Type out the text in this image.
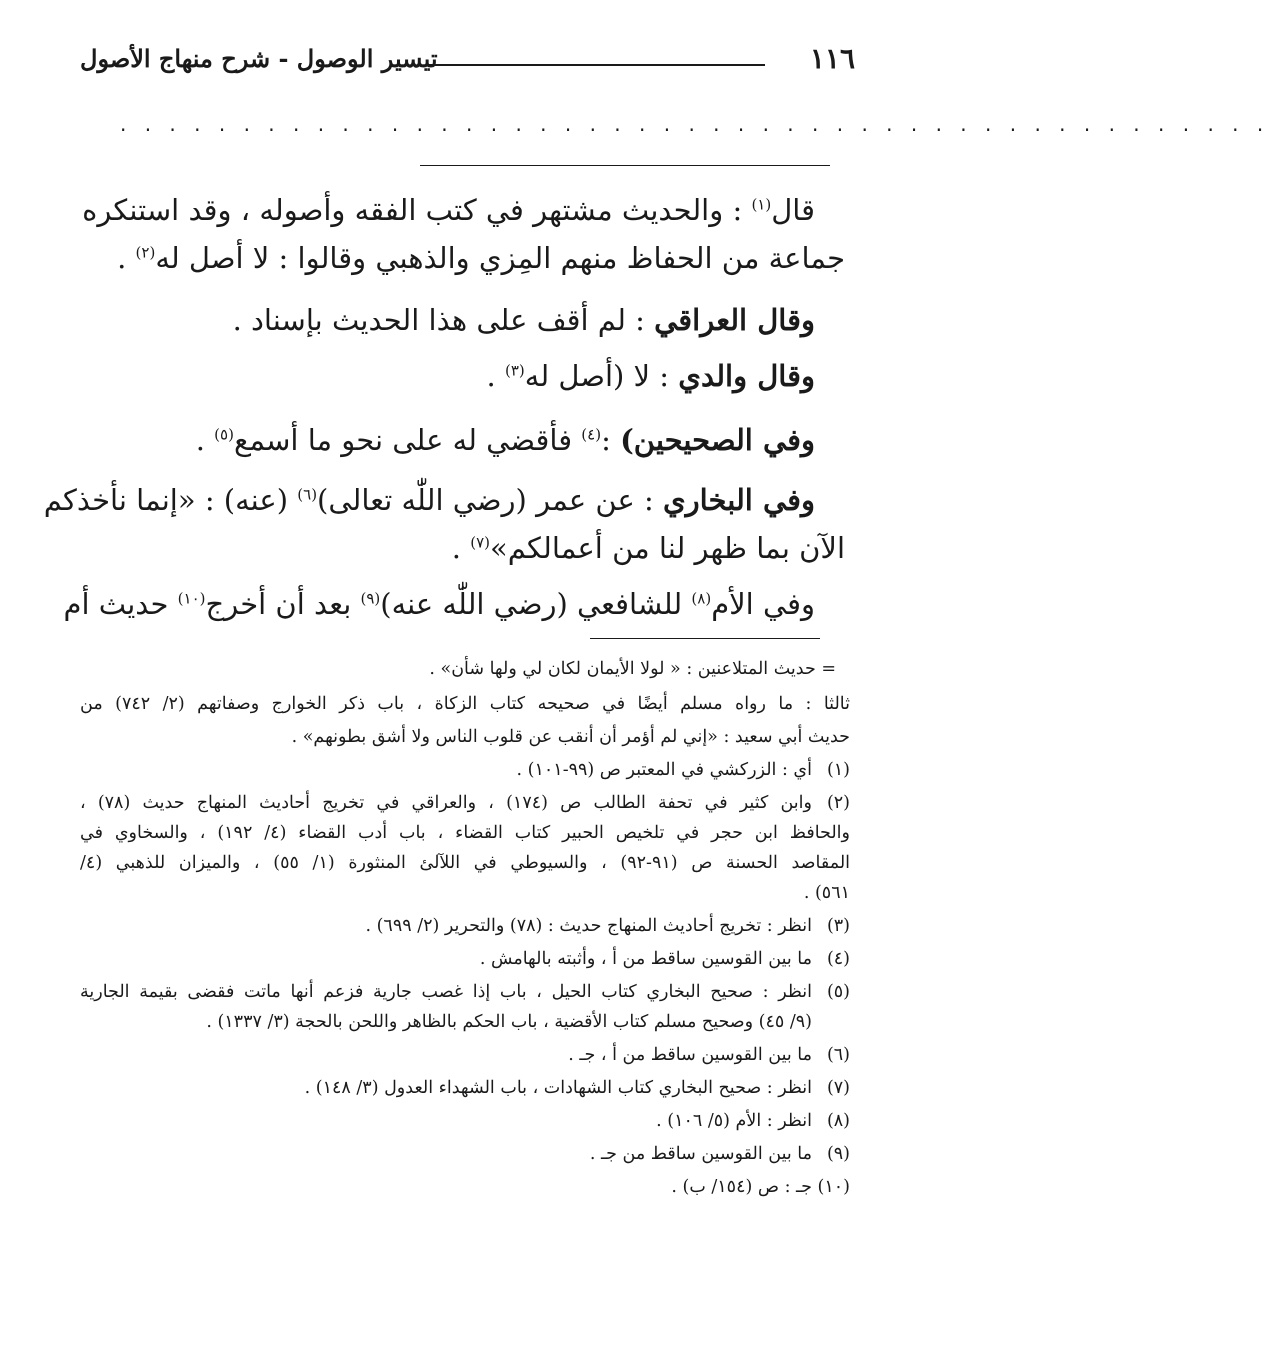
١١٦
تيسير الوصول - شرح منهاج الأصول
. . . . . . . . . . . . . . . . . . . . . . . . . . . . . . . . . . . . . . . . . . . . . . .
قال$^{(١)}$ : والحديث مشتهر في كتب الفقه وأصوله ، وقد استنكره
جماعة من الحفاظ منهم المِزي والذهبي وقالوا : لا أصل له$^{(٢)}$ .
وقال العراقي : لم أقف على هذا الحديث بإسناد .
وقال والدي : لا (أصل له$^{(٣)}$ .
وفي الصحيحين) :$^{(٤)}$ فأقضي له على نحو ما أسمع$^{(٥)}$ .
وفي البخاري : عن عمر (رضي اللّٰه تعالى)$^{(٦)}$ (عنه) : «إنما نأخذكم
الآن بما ظهر لنا من أعمالكم»$^{(٧)}$ .
وفي الأم$^{(٨)}$ للشافعي (رضي اللّٰه عنه)$^{(٩)}$ بعد أن أخرج$^{(١٠)}$ حديث أم
= حديث المتلاعنين : « لولا الأيمان لكان لي ولها شأن» .
ثالثا : ما رواه مسلم أيضًا في صحيحه كتاب الزكاة ، باب ذكر الخوارج وصفاتهم (٢/ ٧٤٢) من
حديث أبي سعيد : «إني لم أؤمر أن أنقب عن قلوب الناس ولا أشق بطونهم» .
(١)
أي : الزركشي في المعتبر ص (٩٩-١٠١) .
(٢)
وابن كثير في تحفة الطالب ص (١٧٤) ، والعراقي في تخريج أحاديث المنهاج حديث (٧٨) ،
والحافظ ابن حجر في تلخيص الحبير كتاب القضاء ، باب أدب القضاء (٤/ ١٩٢) ، والسخاوي في
المقاصد الحسنة ص (٩١-٩٢) ، والسيوطي في اللآلئ المنثورة (١/ ٥٥) ، والميزان للذهبي (٤/
٥٦١) .
(٣)
انظر : تخريج أحاديث المنهاج حديث : (٧٨) والتحرير (٢/ ٦٩٩) .
(٤)
ما بين القوسين ساقط من أ ، وأثبته بالهامش .
(٥)
انظر : صحيح البخاري كتاب الحيل ، باب إذا غصب جارية فزعم أنها ماتت فقضى بقيمة الجارية
(٩/ ٤٥) وصحيح مسلم كتاب الأقضية ، باب الحكم بالظاهر واللحن بالحجة (٣/ ١٣٣٧) .
(٦)
ما بين القوسين ساقط من أ ، جـ .
(٧)
انظر : صحيح البخاري كتاب الشهادات ، باب الشهداء العدول (٣/ ١٤٨) .
(٨)
انظر : الأم (٥/ ١٠٦) .
(٩)
ما بين القوسين ساقط من جـ .
(١٠)
جـ : ص (١٥٤/ ب) .
